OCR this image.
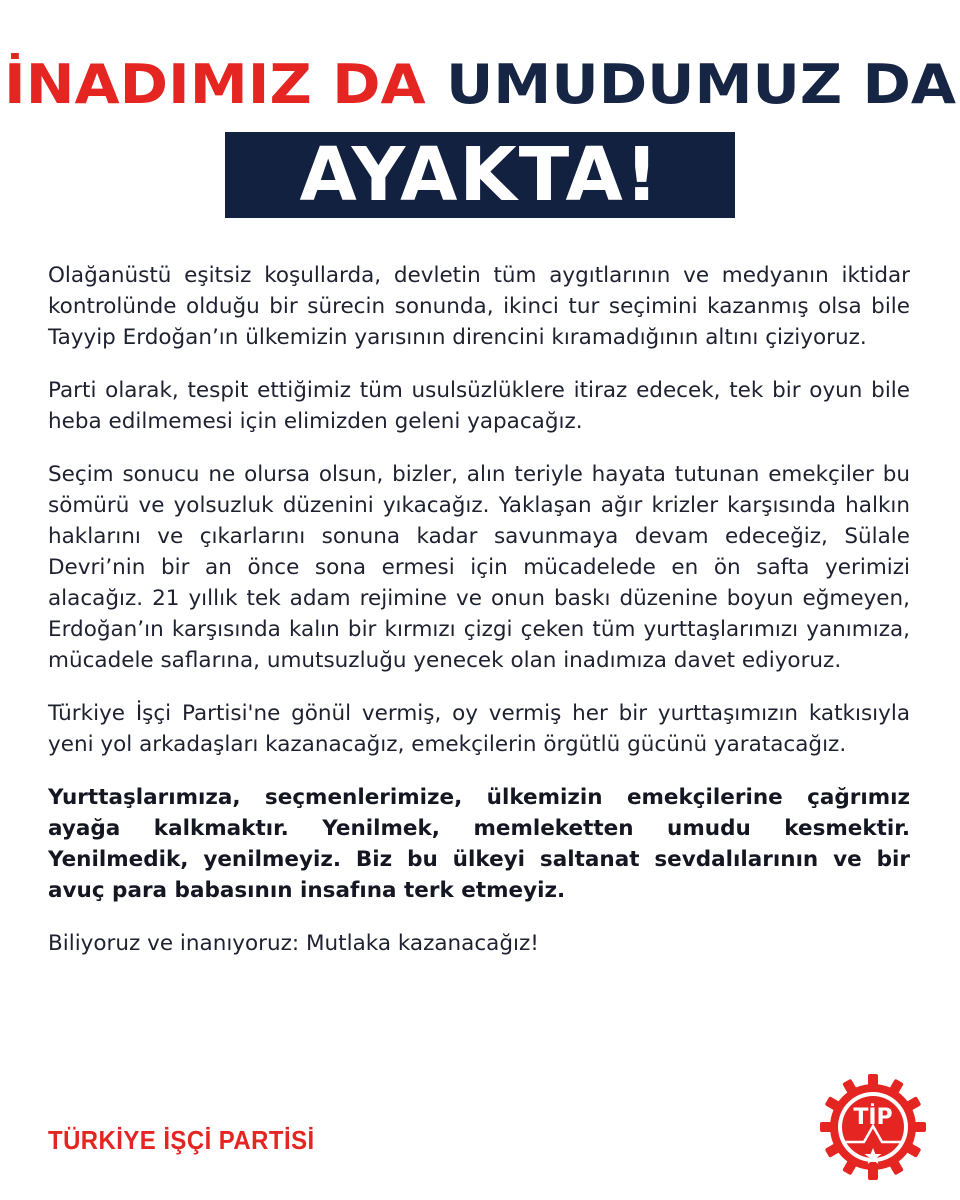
İNADIMIZ DA UMUDUMUZ DA
AYAKTA!

Olağanüstü eşitsiz koşullarda, devletin tüm aygıtlarının ve medyanın iktidar kontrolünde olduğu bir sürecin sonunda, ikinci tur seçimini kazanmış olsa bile Tayyip Erdoğan’ın ülkemizin yarısının direncini kıramadığının altını çiziyoruz.

Parti olarak, tespit ettiğimiz tüm usulsüzlüklere itiraz edecek, tek bir oyun bile heba edilmemesi için elimizden geleni yapacağız.

Seçim sonucu ne olursa olsun, bizler, alın teriyle hayata tutunan emekçiler bu sömürü ve yolsuzluk düzenini yıkacağız. Yaklaşan ağır krizler karşısında halkın haklarını ve çıkarlarını sonuna kadar savunmaya devam edeceğiz, Sülale Devri’nin bir an önce sona ermesi için mücadelede en ön safta yerimizi alacağız. 21 yıllık tek adam rejimine ve onun baskı düzenine boyun eğmeyen, Erdoğan’ın karşısında kalın bir kırmızı çizgi çeken tüm yurttaşlarımızı yanımıza, mücadele saflarına, umutsuzluğu yenecek olan inadımıza davet ediyoruz.

Türkiye İşçi Partisi'ne gönül vermiş, oy vermiş her bir yurttaşımızın katkısıyla yeni yol arkadaşları kazanacağız, emekçilerin örgütlü gücünü yaratacağız.

Yurttaşlarımıza, seçmenlerimize, ülkemizin emekçilerine çağrımız ayağa kalkmaktır. Yenilmek, memleketten umudu kesmektir. Yenilmedik, yenilmeyiz. Biz bu ülkeyi saltanat sevdalılarının ve bir avuç para babasının insafına terk etmeyiz.

Biliyoruz ve inanıyoruz: Mutlaka kazanacağız!

TÜRKİYE İŞÇİ PARTİSİ
TİP
